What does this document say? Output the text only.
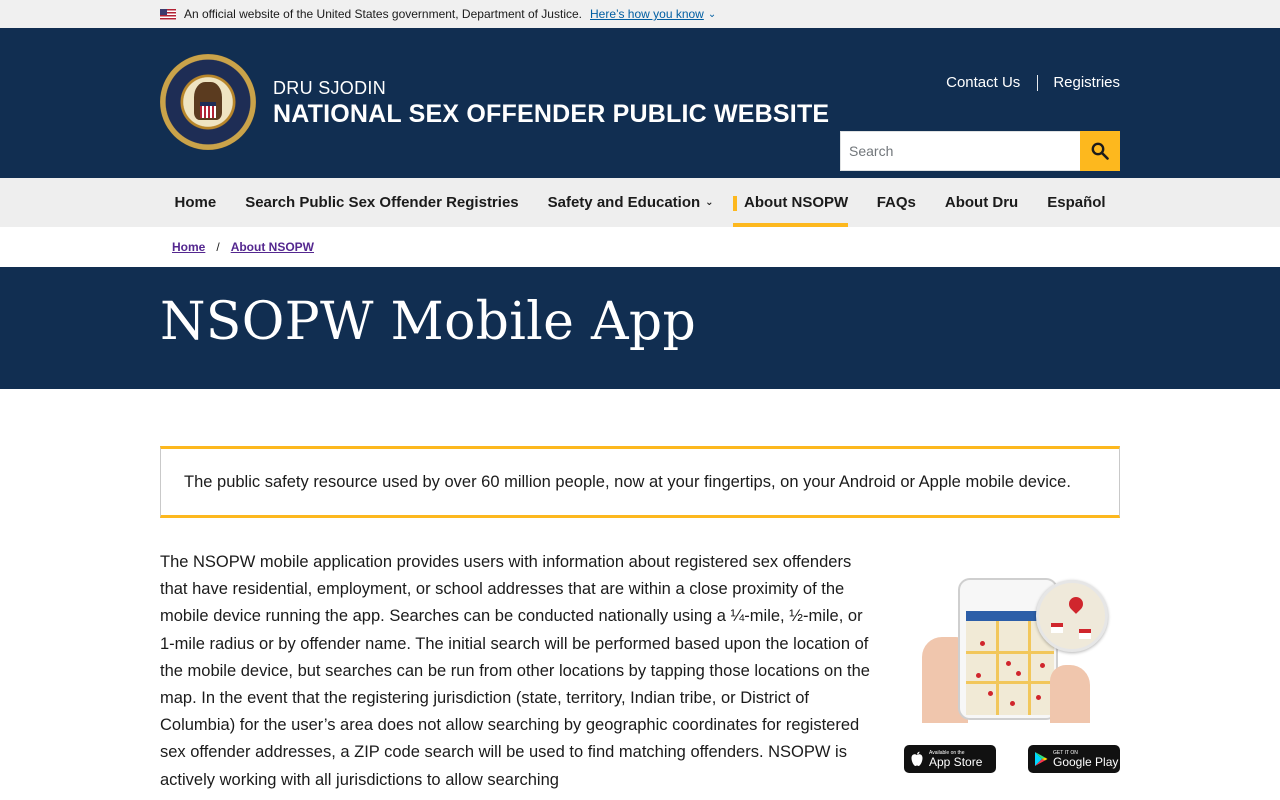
An official website of the United States government, Department of Justice. Here’s how you know ⌄
DRU SJODIN
NATIONAL SEX OFFENDER PUBLIC WEBSITE
Contact Us Registries
Search
Home Search Public Sex Offender Registries Safety and Education ⌄ About NSOPW FAQs About Dru Español
Home / About NSOPW
NSOPW Mobile App
The public safety resource used by over 60 million people, now at your fingertips, on your Android or Apple mobile device.

The NSOPW mobile application provides users with information about registered sex offenders that have residential, employment, or school addresses that are within a close proximity of the mobile device running the app. Searches can be conducted nationally using a ¼-mile, ½-mile, or 1-mile radius or by offender name. The initial search will be performed based upon the location of the mobile device, but searches can be run from other locations by tapping those locations on the map. In the event that the registering jurisdiction (state, territory, Indian tribe, or District of Columbia) for the user’s area does not allow searching by geographic coordinates for registered sex offender addresses, a ZIP code search will be used to find matching offenders. NSOPW is actively working with all jurisdictions to allow searching

Available on the
App Store
GET IT ON
Google Play
